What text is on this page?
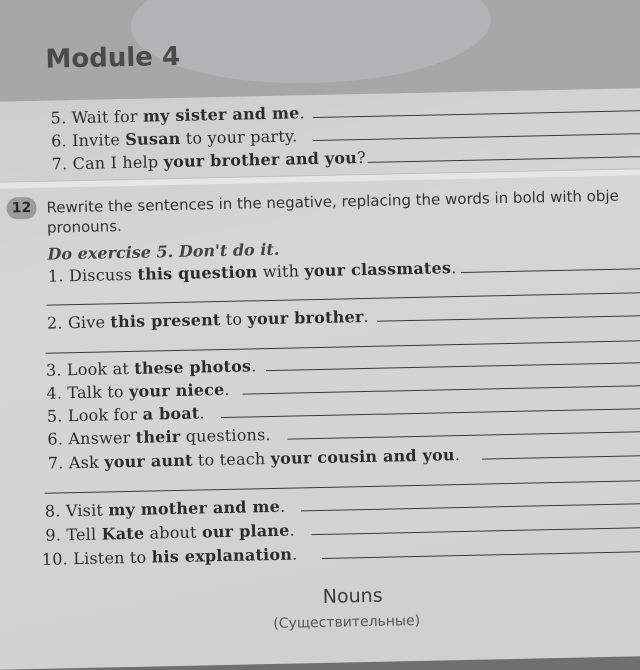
Module 4
5. Wait for my sister and me.
6. Invite Susan to your party.
7. Can I help your brother and you?
12 Rewrite the sentences in the negative, replacing the words in bold with obje
pronouns.
Do exercise 5. Don't do it.
1. Discuss this question with your classmates.
2. Give this present to your brother.
3. Look at these photos.
4. Talk to your niece.
5. Look for a boat.
6. Answer their questions.
7. Ask your aunt to teach your cousin and you.
8. Visit my mother and me.
9. Tell Kate about our plane.
10. Listen to his explanation.
Nouns
(Существительные)
